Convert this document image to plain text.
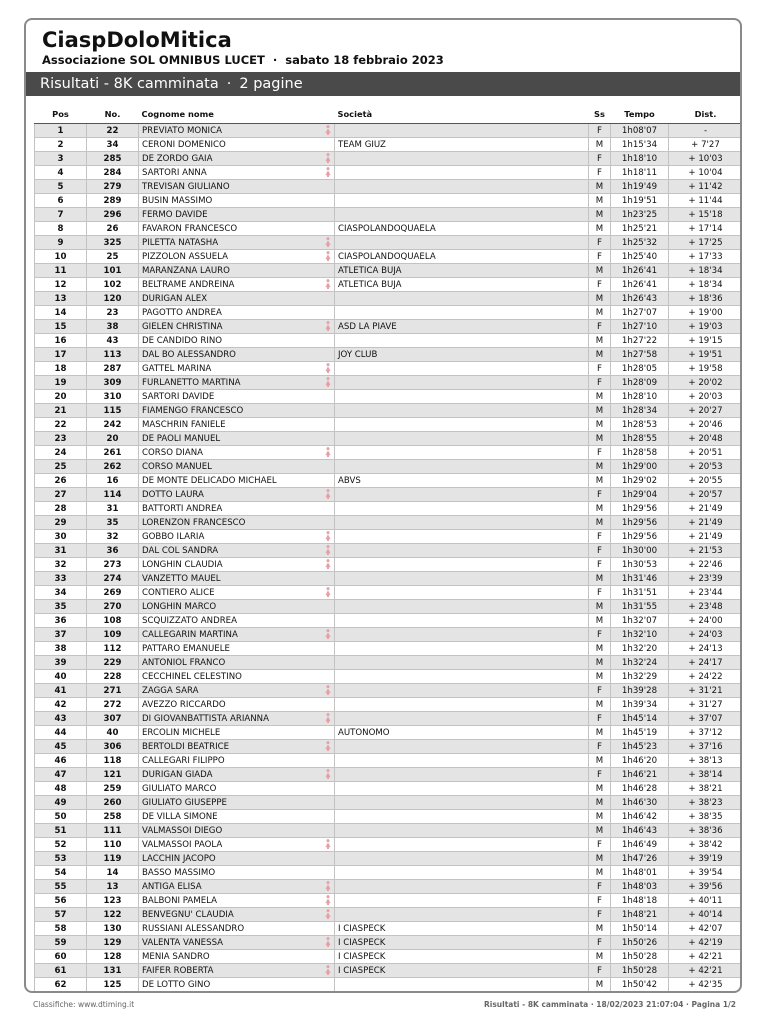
CiaspDoloMitica
Associazione SOL OMNIBUS LUCET · sabato 18 febbraio 2023
Risultati - 8K camminata · 2 pagine
Pos	No.	Cognome nome	Società	Ss	Tempo	Dist.
1	22	PREVIATO MONICA		F	1h08'07	-
2	34	CERONI DOMENICO	TEAM GIUZ	M	1h15'34	+ 7'27
3	285	DE ZORDO GAIA		F	1h18'10	+ 10'03
4	284	SARTORI ANNA		F	1h18'11	+ 10'04
5	279	TREVISAN GIULIANO		M	1h19'49	+ 11'42
6	289	BUSIN MASSIMO		M	1h19'51	+ 11'44
7	296	FERMO DAVIDE		M	1h23'25	+ 15'18
8	26	FAVARON FRANCESCO	CIASPOLANDOQUAELA	M	1h25'21	+ 17'14
9	325	PILETTA NATASHA		F	1h25'32	+ 17'25
10	25	PIZZOLON ASSUELA	CIASPOLANDOQUAELA	F	1h25'40	+ 17'33
11	101	MARANZANA LAURO	ATLETICA BUJA	M	1h26'41	+ 18'34
12	102	BELTRAME ANDREINA	ATLETICA BUJA	F	1h26'41	+ 18'34
13	120	DURIGAN ALEX		M	1h26'43	+ 18'36
14	23	PAGOTTO ANDREA		M	1h27'07	+ 19'00
15	38	GIELEN CHRISTINA	ASD LA PIAVE	F	1h27'10	+ 19'03
16	43	DE CANDIDO RINO		M	1h27'22	+ 19'15
17	113	DAL BO ALESSANDRO	JOY CLUB	M	1h27'58	+ 19'51
18	287	GATTEL MARINA		F	1h28'05	+ 19'58
19	309	FURLANETTO MARTINA		F	1h28'09	+ 20'02
20	310	SARTORI DAVIDE		M	1h28'10	+ 20'03
21	115	FIAMENGO FRANCESCO		M	1h28'34	+ 20'27
22	242	MASCHRIN FANIELE		M	1h28'53	+ 20'46
23	20	DE PAOLI MANUEL		M	1h28'55	+ 20'48
24	261	CORSO DIANA		F	1h28'58	+ 20'51
25	262	CORSO MANUEL		M	1h29'00	+ 20'53
26	16	DE MONTE DELICADO MICHAEL	ABVS	M	1h29'02	+ 20'55
27	114	DOTTO LAURA		F	1h29'04	+ 20'57
28	31	BATTORTI ANDREA		M	1h29'56	+ 21'49
29	35	LORENZON FRANCESCO		M	1h29'56	+ 21'49
30	32	GOBBO ILARIA		F	1h29'56	+ 21'49
31	36	DAL COL SANDRA		F	1h30'00	+ 21'53
32	273	LONGHIN CLAUDIA		F	1h30'53	+ 22'46
33	274	VANZETTO MAUEL		M	1h31'46	+ 23'39
34	269	CONTIERO ALICE		F	1h31'51	+ 23'44
35	270	LONGHIN MARCO		M	1h31'55	+ 23'48
36	108	SCQUIZZATO ANDREA		M	1h32'07	+ 24'00
37	109	CALLEGARIN MARTINA		F	1h32'10	+ 24'03
38	112	PATTARO EMANUELE		M	1h32'20	+ 24'13
39	229	ANTONIOL FRANCO		M	1h32'24	+ 24'17
40	228	CECCHINEL CELESTINO		M	1h32'29	+ 24'22
41	271	ZAGGA SARA		F	1h39'28	+ 31'21
42	272	AVEZZO RICCARDO		M	1h39'34	+ 31'27
43	307	DI GIOVANBATTISTA ARIANNA		F	1h45'14	+ 37'07
44	40	ERCOLIN MICHELE	AUTONOMO	M	1h45'19	+ 37'12
45	306	BERTOLDI BEATRICE		F	1h45'23	+ 37'16
46	118	CALLEGARI FILIPPO		M	1h46'20	+ 38'13
47	121	DURIGAN GIADA		F	1h46'21	+ 38'14
48	259	GIULIATO MARCO		M	1h46'28	+ 38'21
49	260	GIULIATO GIUSEPPE		M	1h46'30	+ 38'23
50	258	DE VILLA SIMONE		M	1h46'42	+ 38'35
51	111	VALMASSOI DIEGO		M	1h46'43	+ 38'36
52	110	VALMASSOI PAOLA		F	1h46'49	+ 38'42
53	119	LACCHIN JACOPO		M	1h47'26	+ 39'19
54	14	BASSO MASSIMO		M	1h48'01	+ 39'54
55	13	ANTIGA ELISA		F	1h48'03	+ 39'56
56	123	BALBONI PAMELA		F	1h48'18	+ 40'11
57	122	BENVEGNU' CLAUDIA		F	1h48'21	+ 40'14
58	130	RUSSIANI ALESSANDRO	I CIASPECK	M	1h50'14	+ 42'07
59	129	VALENTA VANESSA	I CIASPECK	F	1h50'26	+ 42'19
60	128	MENIA SANDRO	I CIASPECK	M	1h50'28	+ 42'21
61	131	FAIFER ROBERTA	I CIASPECK	F	1h50'28	+ 42'21
62	125	DE LOTTO GINO		M	1h50'42	+ 42'35
Classifiche: www.dtiming.it	Risultati - 8K camminata · 18/02/2023 21:07:04 · Pagina 1/2
